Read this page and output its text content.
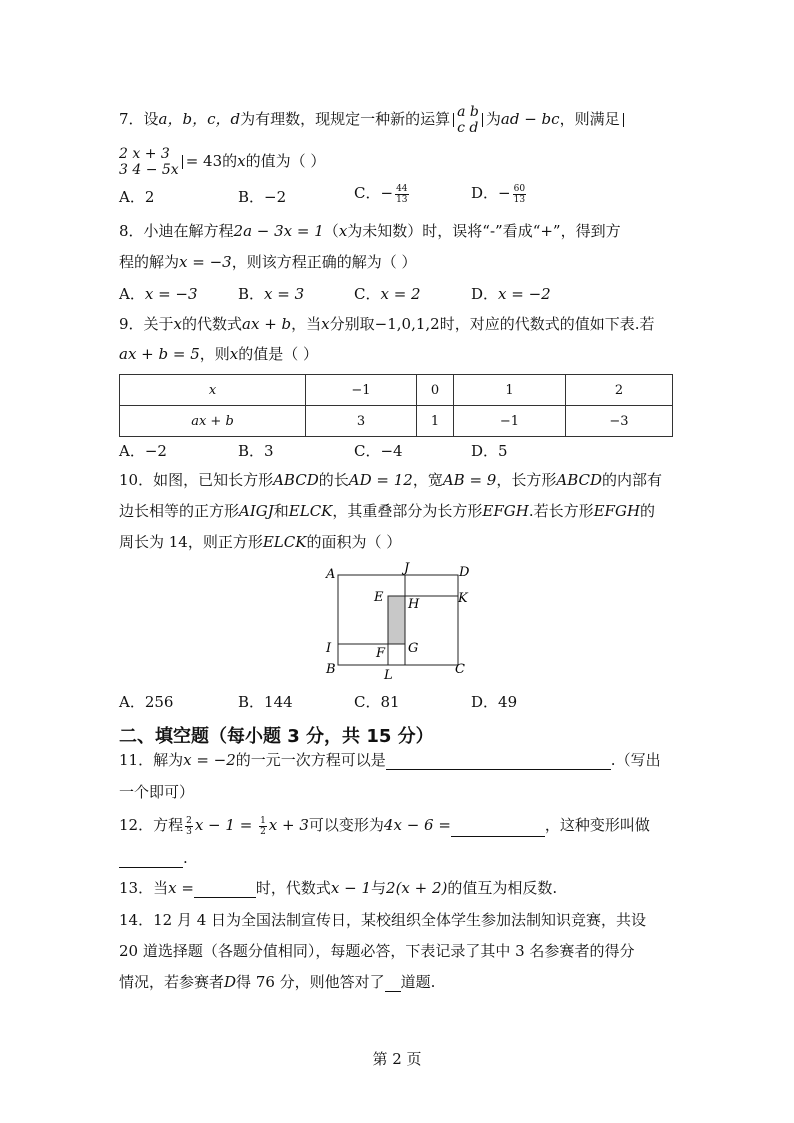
7．设a，b，c，d为有理数，现规定一种新的运算 a b
c d 为ad − bc，则满足
2 x + 3
3 4 − 5x = 43的x的值为（ ）
A．2	B．−2	C．− $\frac{44}{13}$	D．− $\frac{60}{13}$
8．小迪在解方程2a − 3x = 1（x为未知数）时，误将“-”看成“+”，得到方
程的解为x = −3，则该方程正确的解为（ ）
A．x = −3	B．x = 3	C．x = 2	D．x = −2
9．关于x的代数式ax + b，当x分别取−1,0,1,2时，对应的代数式的值如下表.若
ax + b = 5，则x的值是（ ）
x	−1	0	1	2
ax + b	3	1	−1	−3
A．−2	B．3	C．−4	D．5
10．如图，已知长方形ABCD的长AD = 12，宽AB = 9，长方形ABCD的内部有
边长相等的正方形AIGJ和ELCK，其重叠部分为长方形EFGH.若长方形EFGH的
周长为 14，则正方形ELCK的面积为（ ）
A
B	C
D
E
F G
H
I
J
K
L
A．256	B．144	C．81	D．49
二、填空题（每小题 3 分，共 15 分）
11．解为x = −2的一元一次方程可以是	.（写出
一个即可）
12．方程 $\frac{2}{3}$ $x - 1 = \frac{1}{2}$ x + 3可以变形为4x − 6 =	，这种变形叫做
.
13．当x =	时，代数式x − 1与2(x + 2)的值互为相反数.
14．12 月 4 日为全国法制宣传日，某校组织全体学生参加法制知识竞赛，共设
20 道选择题（各题分值相同），每题必答，下表记录了其中 3 名参赛者的得分
情况，若参赛者D得 76 分，则他答对了 道题.
第 2 页
